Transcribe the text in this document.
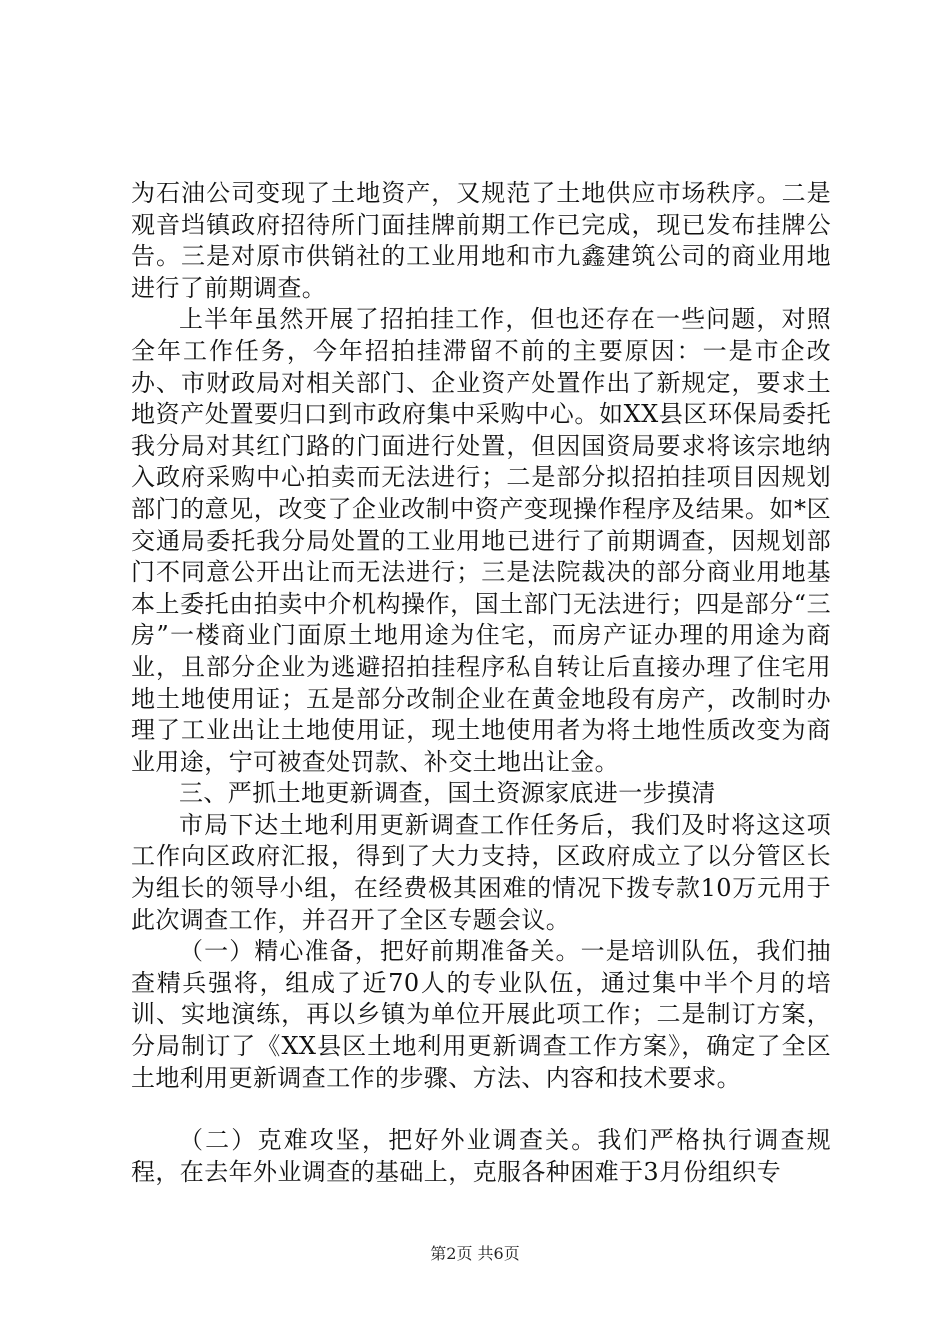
为石油公司变现了土地资产，又规范了土地供应市场秩序。二是观音垱镇政府招待所门面挂牌前期工作已完成，现已发布挂牌公告。三是对原市供销社的工业用地和市九鑫建筑公司的商业用地进行了前期调查。

上半年虽然开展了招拍挂工作，但也还存在一些问题，对照全年工作任务，今年招拍挂滞留不前的主要原因：一是市企改办、市财政局对相关部门、企业资产处置作出了新规定，要求土地资产处置要归口到市政府集中采购中心。如XX县区环保局委托我分局对其红门路的门面进行处置，但因国资局要求将该宗地纳入政府采购中心拍卖而无法进行；二是部分拟招拍挂项目因规划部门的意见，改变了企业改制中资产变现操作程序及结果。如*区交通局委托我分局处置的工业用地已进行了前期调查，因规划部门不同意公开出让而无法进行；三是法院裁决的部分商业用地基本上委托由拍卖中介机构操作，国土部门无法进行；四是部分“三房”一楼商业门面原土地用途为住宅，而房产证办理的用途为商业，且部分企业为逃避招拍挂程序私自转让后直接办理了住宅用地土地使用证；五是部分改制企业在黄金地段有房产，改制时办理了工业出让土地使用证，现土地使用者为将土地性质改变为商业用途，宁可被查处罚款、补交土地出让金。

三、严抓土地更新调查，国土资源家底进一步摸清

市局下达土地利用更新调查工作任务后，我们及时将这这项工作向区政府汇报，得到了大力支持，区政府成立了以分管区长为组长的领导小组，在经费极其困难的情况下拨专款10万元用于此次调查工作，并召开了全区专题会议。

（一）精心准备，把好前期准备关。一是培训队伍，我们抽查精兵强将，组成了近70人的专业队伍，通过集中半个月的培训、实地演练，再以乡镇为单位开展此项工作；二是制订方案，分局制订了《XX县区土地利用更新调查工作方案》，确定了全区土地利用更新调查工作的步骤、方法、内容和技术要求。

（二）克难攻坚，把好外业调查关。我们严格执行调查规程，在去年外业调查的基础上，克服各种困难于3月份组织专

第2页 共6页
